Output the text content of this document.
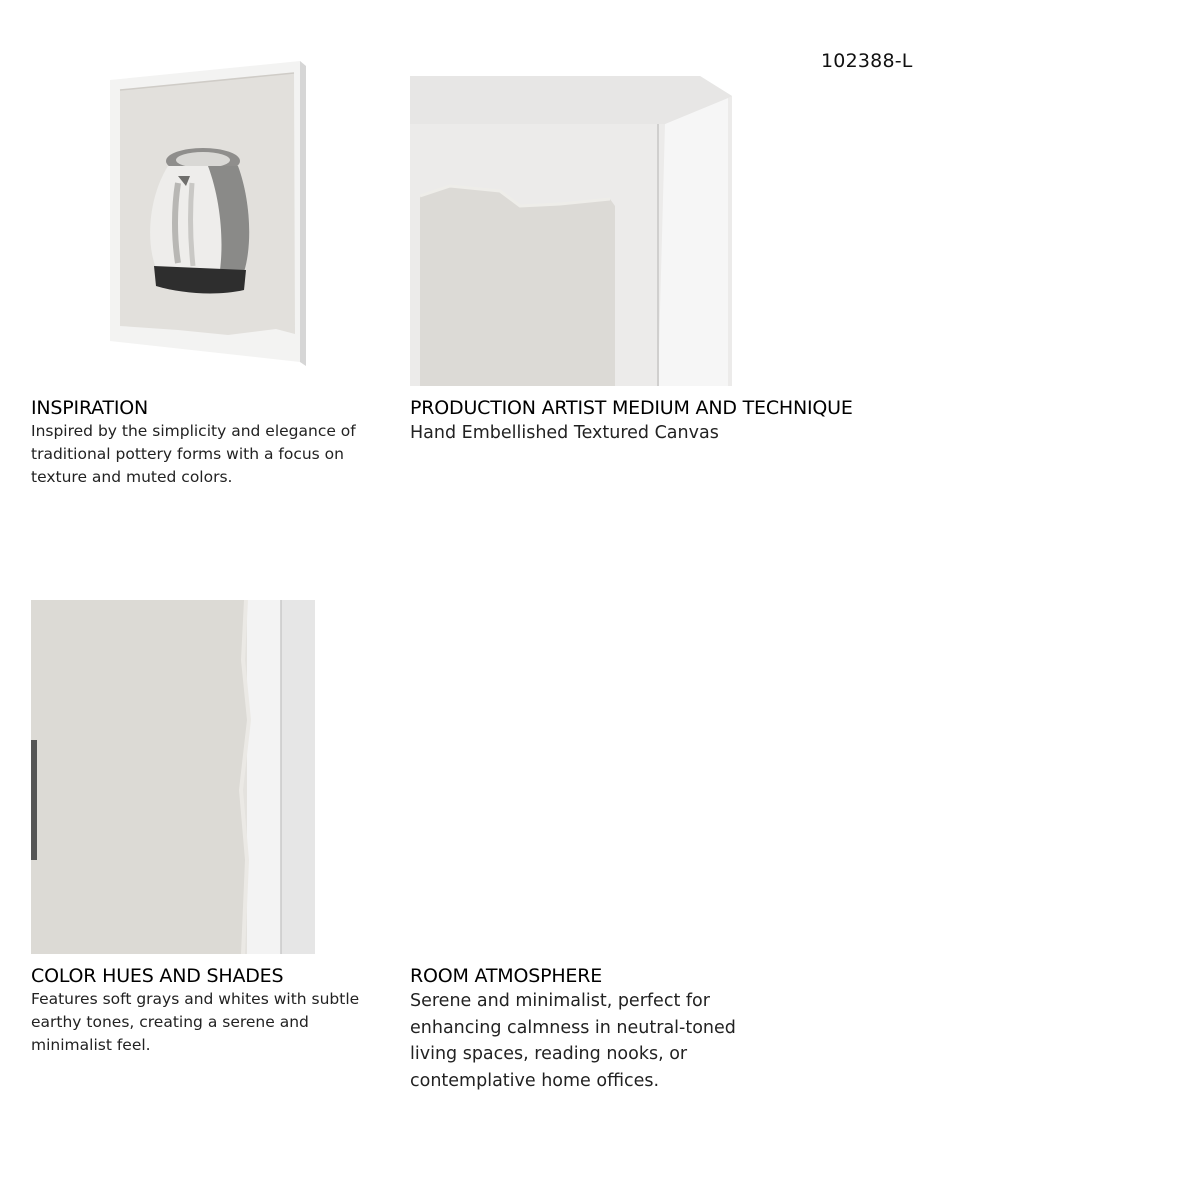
102388-L
INSPIRATION

Inspired by the simplicity and elegance of traditional pottery forms with a focus on texture and muted colors.

PRODUCTION ARTIST MEDIUM AND TECHNIQUE

Hand Embellished Textured Canvas

COLOR HUES AND SHADES

Features soft grays and whites with subtle earthy tones, creating a serene and minimalist feel.

ROOM ATMOSPHERE

Serene and minimalist, perfect for enhancing calmness in neutral-toned living spaces, reading nooks, or contemplative home offices.
